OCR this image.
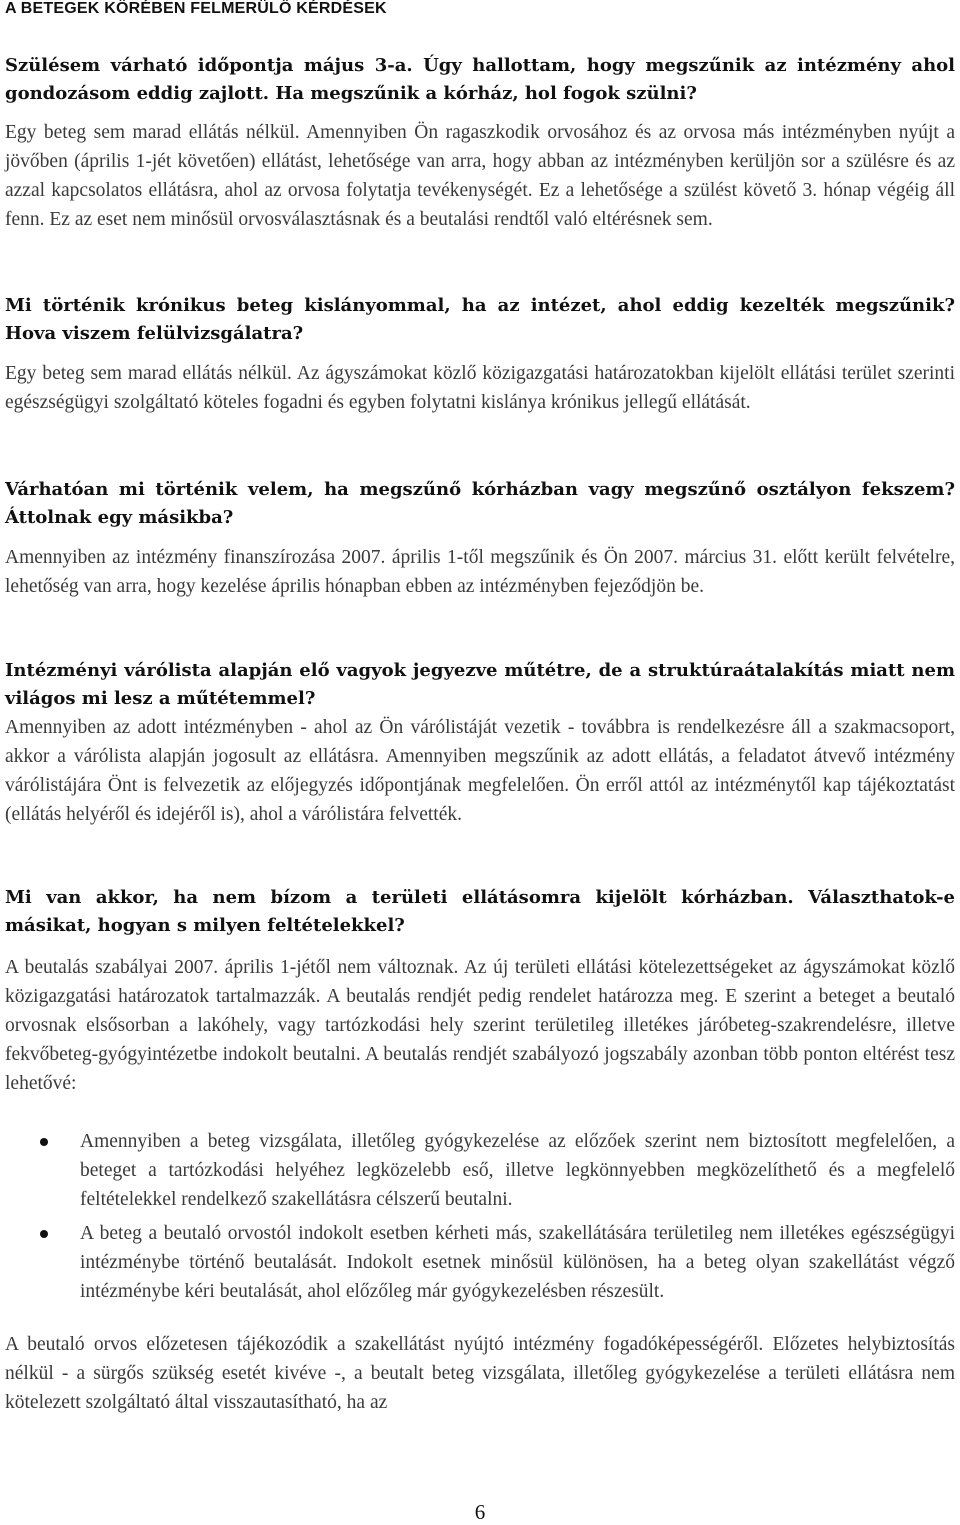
A BETEGEK KÖRÉBEN FELMERÜLŐ KÉRDÉSEK
Szülésem várható időpontja május 3-a. Úgy hallottam, hogy megszűnik az intézmény ahol gondozásom eddig zajlott. Ha megszűnik a kórház, hol fogok szülni?
Egy beteg sem marad ellátás nélkül. Amennyiben Ön ragaszkodik orvosához és az orvosa más intézményben nyújt a jövőben (április 1-jét követően) ellátást, lehetősége van arra, hogy abban az intézményben kerüljön sor a szülésre és az azzal kapcsolatos ellátásra, ahol az orvosa folytatja tevékenységét. Ez a lehetősége a szülést követő 3. hónap végéig áll fenn. Ez az eset nem minősül orvosválasztásnak és a beutalási rendtől való eltérésnek sem.
Mi történik krónikus beteg kislányommal, ha az intézet, ahol eddig kezelték megszűnik? Hova viszem felülvizsgálatra?
Egy beteg sem marad ellátás nélkül. Az ágyszámokat közlő közigazgatási határozatokban kijelölt ellátási terület szerinti egészségügyi szolgáltató köteles fogadni és egyben folytatni kislánya krónikus jellegű ellátását.
Várhatóan mi történik velem, ha megszűnő kórházban vagy megszűnő osztályon fekszem? Áttolnak egy másikba?
Amennyiben az intézmény finanszírozása 2007. április 1-től megszűnik és Ön 2007. március 31. előtt került felvételre, lehetőség van arra, hogy kezelése április hónapban ebben az intézményben fejeződjön be.
Intézményi várólista alapján elő vagyok jegyezve műtétre, de a struktúraátalakítás miatt nem világos mi lesz a műtétemmel?
Amennyiben az adott intézményben - ahol az Ön várólistáját vezetik - továbbra is rendelkezésre áll a szakmacsoport, akkor a várólista alapján jogosult az ellátásra. Amennyiben megszűnik az adott ellátás, a feladatot átvevő intézmény várólistájára Önt is felvezetik az előjegyzés időpontjának megfelelően. Ön erről attól az intézménytől kap tájékoztatást (ellátás helyéről és idejéről is), ahol a várólistára felvették.
Mi van akkor, ha nem bízom a területi ellátásomra kijelölt kórházban. Választhatok-e másikat, hogyan s milyen feltételekkel?
A beutalás szabályai 2007. április 1-jétől nem változnak. Az új területi ellátási kötelezettségeket az ágyszámokat közlő közigazgatási határozatok tartalmazzák. A beutalás rendjét pedig rendelet határozza meg. E szerint a beteget a beutaló orvosnak elsősorban a lakóhely, vagy tartózkodási hely szerint területileg illetékes járóbeteg-szakrendelésre, illetve fekvőbeteg-gyógyintézetbe indokolt beutalni. A beutalás rendjét szabályozó jogszabály azonban több ponton eltérést tesz lehetővé:
Amennyiben a beteg vizsgálata, illetőleg gyógykezelése az előzőek szerint nem biztosított megfelelően, a beteget a tartózkodási helyéhez legközelebb eső, illetve legkönnyebben megközelíthető és a megfelelő feltételekkel rendelkező szakellátásra célszerű beutalni.
A beteg a beutaló orvostól indokolt esetben kérheti más, szakellátására területileg nem illetékes egészségügyi intézménybe történő beutalását. Indokolt esetnek minősül különösen, ha a beteg olyan szakellátást végző intézménybe kéri beutalását, ahol előzőleg már gyógykezelésben részesült.
A beutaló orvos előzetesen tájékozódik a szakellátást nyújtó intézmény fogadóképességéről. Előzetes helybiztosítás nélkül - a sürgős szükség esetét kivéve -, a beutalt beteg vizsgálata, illetőleg gyógykezelése a területi ellátásra nem kötelezett szolgáltató által visszautasítható, ha az
6
